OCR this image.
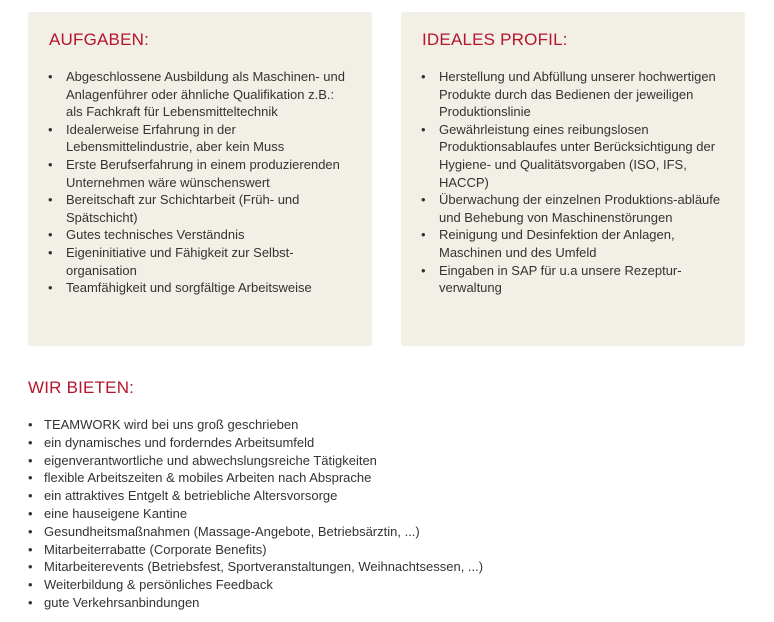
AUFGABEN:
• Abgeschlossene Ausbildung als Maschinen- und Anlagenführer oder ähnliche Qualifikation z.B.: als Fachkraft für Lebensmitteltechnik
• Idealerweise Erfahrung in der Lebensmittelindustrie, aber kein Muss
• Erste Berufserfahrung in einem produzierenden Unternehmen wäre wünschenswert
• Bereitschaft zur Schichtarbeit (Früh- und Spätschicht)
• Gutes technisches Verständnis
• Eigeninitiative und Fähigkeit zur Selbst-organisation
• Teamfähigkeit und sorgfältige Arbeitsweise
IDEALES PROFIL:
• Herstellung und Abfüllung unserer hochwertigen Produkte durch das Bedienen der jeweiligen Produktionslinie
• Gewährleistung eines reibungslosen Produktionsablaufes unter Berücksichtigung der Hygiene- und Qualitätsvorgaben (ISO, IFS, HACCP)
• Überwachung der einzelnen Produktions-abläufe und Behebung von Maschinenstörungen
• Reinigung und Desinfektion der Anlagen, Maschinen und des Umfeld
• Eingaben in SAP für u.a unsere Rezeptur-verwaltung
WIR BIETEN:
• TEAMWORK wird bei uns groß geschrieben
• ein dynamisches und forderndes Arbeitsumfeld
• eigenverantwortliche und abwechslungsreiche Tätigkeiten
• flexible Arbeitszeiten & mobiles Arbeiten nach Absprache
• ein attraktives Entgelt & betriebliche Altersvorsorge
• eine hauseigene Kantine
• Gesundheitsmaßnahmen (Massage-Angebote, Betriebsärztin, ...)
• Mitarbeiterrabatte (Corporate Benefits)
• Mitarbeiterevents (Betriebsfest, Sportveranstaltungen, Weihnachtsessen, ...)
• Weiterbildung & persönliches Feedback
• gute Verkehrsanbindungen
